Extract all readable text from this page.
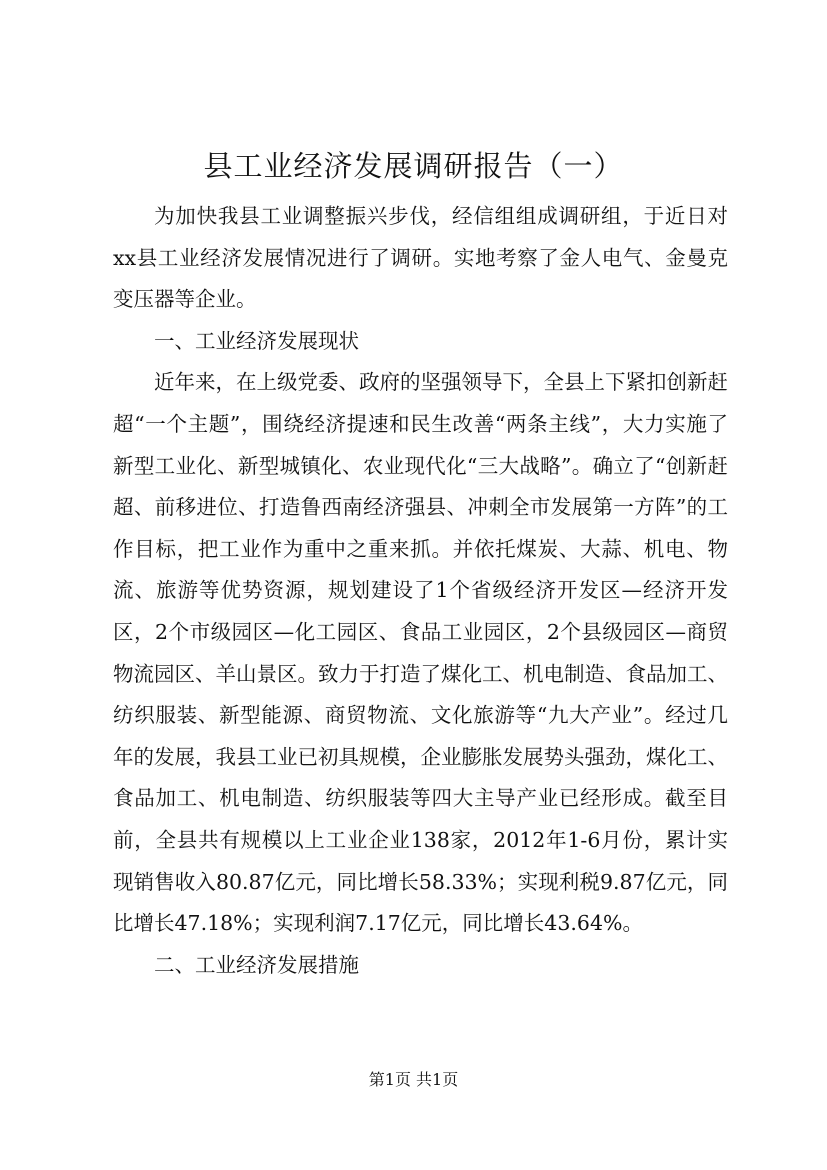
县工业经济发展调研报告（一）

为加快我县工业调整振兴步伐，经信组组成调研组，于近日对xx县工业经济发展情况进行了调研。实地考察了金人电气、金曼克变压器等企业。

一、工业经济发展现状

近年来，在上级党委、政府的坚强领导下，全县上下紧扣创新赶超“一个主题”，围绕经济提速和民生改善“两条主线”，大力实施了新型工业化、新型城镇化、农业现代化“三大战略”。确立了“创新赶超、前移进位、打造鲁西南经济强县、冲刺全市发展第一方阵”的工作目标，把工业作为重中之重来抓。并依托煤炭、大蒜、机电、物流、旅游等优势资源，规划建设了1个省级经济开发区—经济开发区，2个市级园区—化工园区、食品工业园区，2个县级园区—商贸物流园区、羊山景区。致力于打造了煤化工、机电制造、食品加工、纺织服装、新型能源、商贸物流、文化旅游等“九大产业”。经过几年的发展，我县工业已初具规模，企业膨胀发展势头强劲，煤化工、食品加工、机电制造、纺织服装等四大主导产业已经形成。截至目前，全县共有规模以上工业企业138家，2012年1-6月份，累计实现销售收入80.87亿元，同比增长58.33%；实现利税9.87亿元，同比增长47.18%；实现利润7.17亿元，同比增长43.64%。

二、工业经济发展措施

第1页 共1页
